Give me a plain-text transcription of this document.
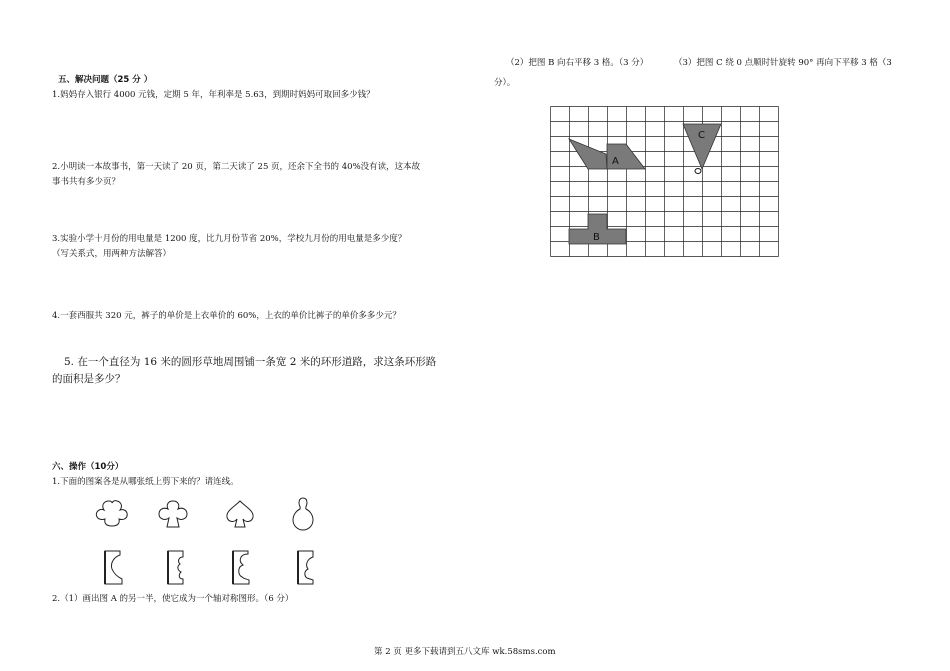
五、解决问题（25 分 ）
1.妈妈存入银行 4000 元钱，定期 5 年，年利率是 5.63，到期时妈妈可取回多少钱？
2.小明读一本故事书，第一天读了 20 页，第二天读了 25 页，还余下全书的 40%没有读，这本故
事书共有多少页？
3.实验小学十月份的用电量是 1200 度，比九月份节省 20%，学校九月份的用电量是多少度？
（写关系式，用两种方法解答）
4.一套西服共 320 元，裤子的单价是上衣单价的 60%，上衣的单价比裤子的单价多多少元？
5. 在一个直径为 16 米的圆形草地周围铺一条宽 2 米的环形道路，求这条环形路
的面积是多少？
六、操作（10分）
1.下面的图案各是从哪张纸上剪下来的？请连线。
2.（1）画出图 A 的另一半，使它成为一个轴对称图形。（6 分）
（2）把图 B 向右平移 3 格。（3 分）	（3）把图 C 绕 0 点顺时针旋转 90° 再向下平移 3 格（3
分）。
A
C
B
第 2 页 更多下载请到五八文库 wk.58sms.com
